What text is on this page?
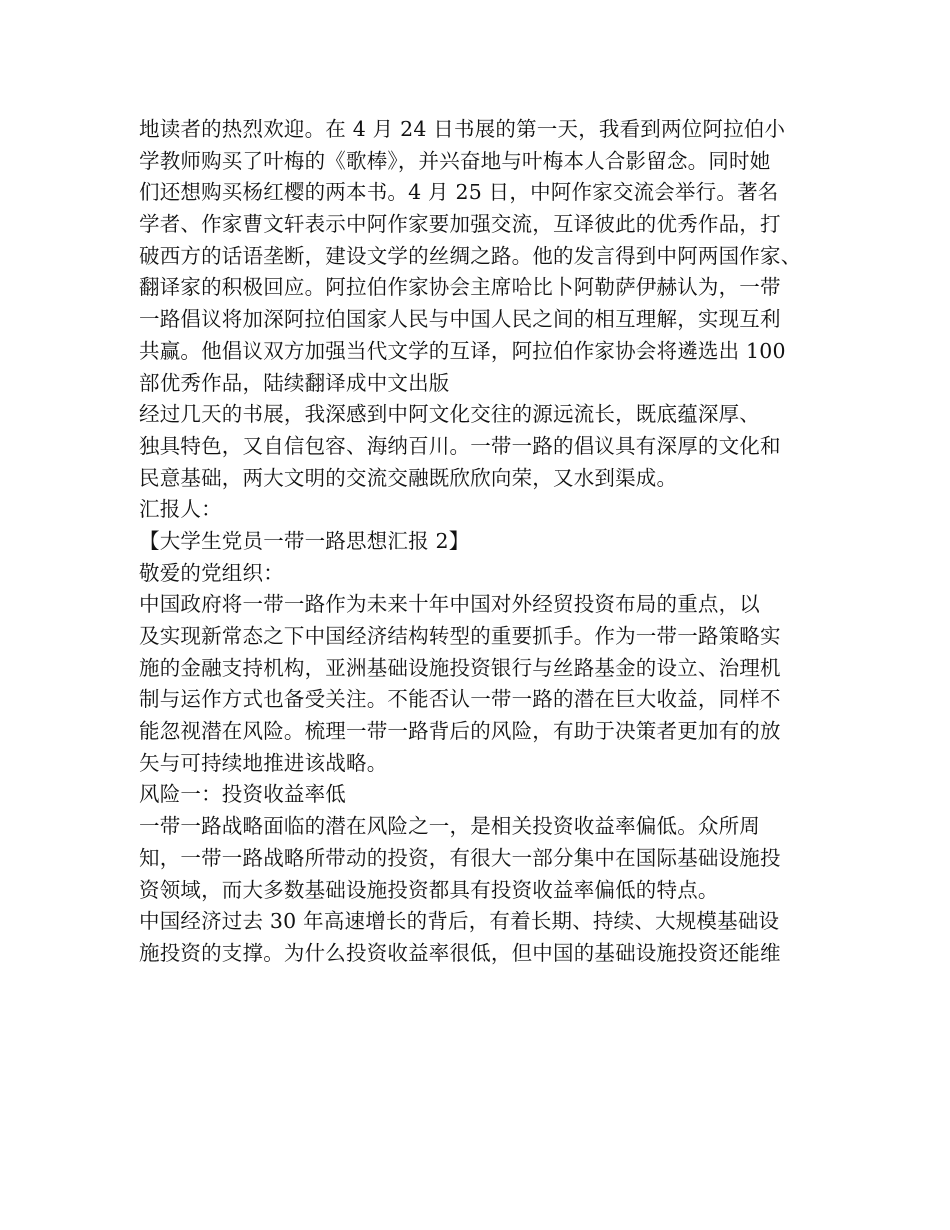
地读者的热烈欢迎。在 4 月 24 日书展的第一天，我看到两位阿拉伯小
学教师购买了叶梅的《歌棒》，并兴奋地与叶梅本人合影留念。同时她
们还想购买杨红樱的两本书。4 月 25 日，中阿作家交流会举行。著名
学者、作家曹文轩表示中阿作家要加强交流，互译彼此的优秀作品，打
破西方的话语垄断，建设文学的丝绸之路。他的发言得到中阿两国作家、
翻译家的积极回应。阿拉伯作家协会主席哈比卜阿勒萨伊赫认为，一带
一路倡议将加深阿拉伯国家人民与中国人民之间的相互理解，实现互利
共赢。他倡议双方加强当代文学的互译，阿拉伯作家协会将遴选出 100
部优秀作品，陆续翻译成中文出版
经过几天的书展，我深感到中阿文化交往的源远流长，既底蕴深厚、
独具特色，又自信包容、海纳百川。一带一路的倡议具有深厚的文化和
民意基础，两大文明的交流交融既欣欣向荣，又水到渠成。
汇报人：
【大学生党员一带一路思想汇报 2】
敬爱的党组织：
中国政府将一带一路作为未来十年中国对外经贸投资布局的重点，以
及实现新常态之下中国经济结构转型的重要抓手。作为一带一路策略实
施的金融支持机构，亚洲基础设施投资银行与丝路基金的设立、治理机
制与运作方式也备受关注。不能否认一带一路的潜在巨大收益，同样不
能忽视潜在风险。梳理一带一路背后的风险，有助于决策者更加有的放
矢与可持续地推进该战略。
风险一：投资收益率低
一带一路战略面临的潜在风险之一，是相关投资收益率偏低。众所周
知，一带一路战略所带动的投资，有很大一部分集中在国际基础设施投
资领域，而大多数基础设施投资都具有投资收益率偏低的特点。
中国经济过去 30 年高速增长的背后，有着长期、持续、大规模基础设
施投资的支撑。为什么投资收益率很低，但中国的基础设施投资还能维
